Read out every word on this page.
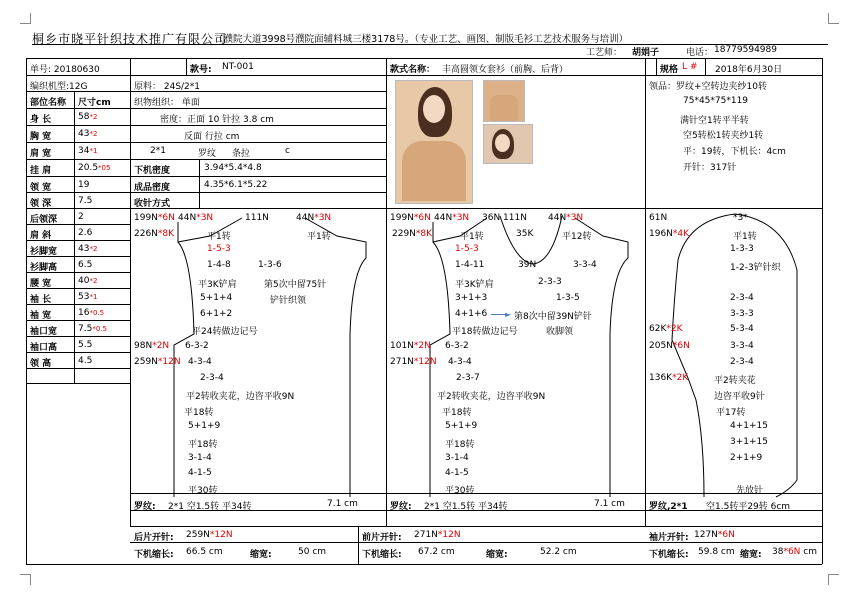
桐乡市晓平针织技术推广有限公司
（濮院大道3998号濮院面辅料城三楼3178号。（专业工艺、画图、制版毛衫工艺技术服务与培训）
工艺师： 胡娟子	电话： 18779594989
单号: 20180630	款号: NT-001	款式名称： 丰高圆领女套衫（前胸、后背）	规格 L # 2018年6月30日
编织机型:12G	原料： 24S/2*1
部位名称 尺寸cm	织物组织： 单面
身 长	58*2
胸 宽	43*2
肩 宽	34*1
挂 肩	20.5*05
领 宽	19
领 深	7.5
后领深 2
肩 斜	2.6
衫脚宽 43*2
衫脚高 6.5
腰 宽	40*2
袖 长	53*1
袖 宽	16*0.5
袖口宽 7.5*0.5
袖口高 5.5
领 高	4.5
密度：正面 10 针拉 3.8 cm
反面 行拉 cm
2*1	罗纹 条拉	c
下机密度	3.94*5.4*4.8
成品密度	4.35*6.1*5.22
收针方式
领品：罗纹+空转边夹纱10转
75*45*75*119
满针空1转平半转
空5转松1转夹纱1转
平：19转，下机长：4cm
开针：317针
►
199N*6N 44N*3N	111N	44N*3N
226N*8K	平1转	平1转
1-5-3
1-4-8	1-3-6
平3K铲肩	第5次中留75针
5+1+4	铲针织领
6+1+2
平24转做边记号
98N*2N 6-3-2
259N*12N 4-3-4
2-3-4
平2转收夹花，边咨平收9N
平18转
5+1+9
平18转
3-1-4
4-1-5
平30转
罗纹: 2*1 空1.5转 平34转	7.1 cm
后片开针: 259N*12N
下机缩长: 66.5 cm	缩宽:	50 cm
199N*6N 44N*3N 36N 111N 44N*3N
229N*8K	平1转	35K	平12转
1-5-3
1-4-11	39N	3-3-4
平3K铲肩	2-3-3
3+1+3	1-3-5
4+1+6	第8次中留39N铲针
平18转做边记号	收脚领
101N*2N 6-3-2
271N*12N 4-3-4
2-3-7
平2转收夹花，边咨平收9N
平18转
5+1+9
平18转
3-1-4
4-1-5
平30转
罗纹: 2*1 空1.5转 平34转	7.1 cm
前片开针: 271N*12N
下机缩长: 67.2 cm	缩宽:	52.2 cm
61N	*3*
196N*4K	平1转
1-3-3
1-2-3铲针织
2-3-4
3-3-3
62K*2K	5-3-4
205N*6N	3-3-4
2-3-4
136K*2K	平2转夹花
边咨平收9针
平17转
4+1+15
3+1+15
2+1+9
先放针
罗纹,2*1 空1.5转平29转 6cm
袖片开针: 127N*6N
下机缩长: 59.8 cm 缩宽: 38*6N cm
